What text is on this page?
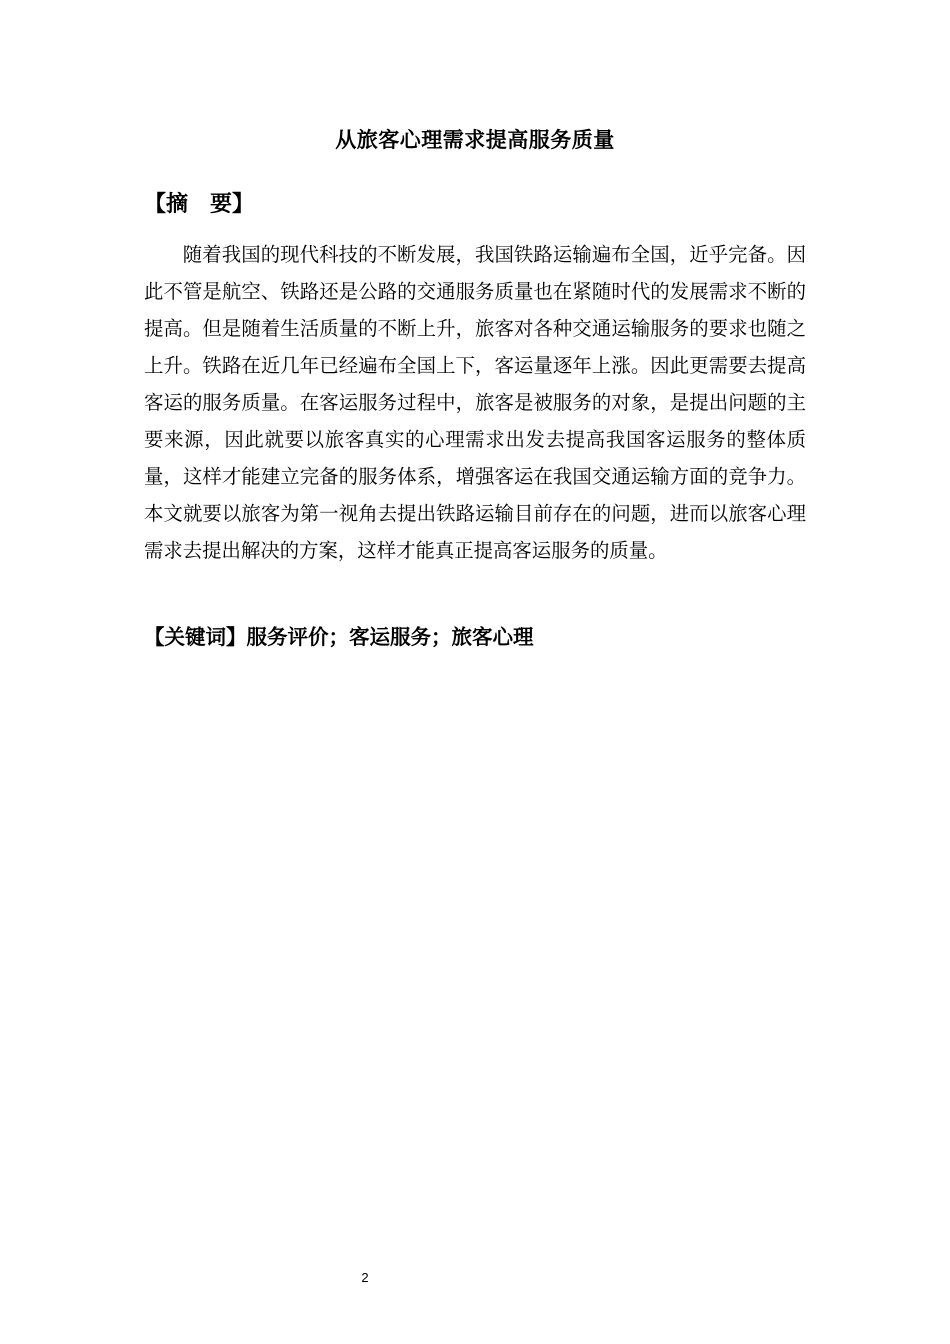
从旅客心理需求提高服务质量
【摘　要】

随着我国的现代科技的不断发展，我国铁路运输遍布全国，近乎完备。因此不管是航空、铁路还是公路的交通服务质量也在紧随时代的发展需求不断的提高。但是随着生活质量的不断上升，旅客对各种交通运输服务的要求也随之上升。铁路在近几年已经遍布全国上下，客运量逐年上涨。因此更需要去提高客运的服务质量。在客运服务过程中，旅客是被服务的对象，是提出问题的主要来源，因此就要以旅客真实的心理需求出发去提高我国客运服务的整体质量，这样才能建立完备的服务体系，增强客运在我国交通运输方面的竞争力。本文就要以旅客为第一视角去提出铁路运输目前存在的问题，进而以旅客心理需求去提出解决的方案，这样才能真正提高客运服务的质量。

【关键词】服务评价；客运服务；旅客心理
2
